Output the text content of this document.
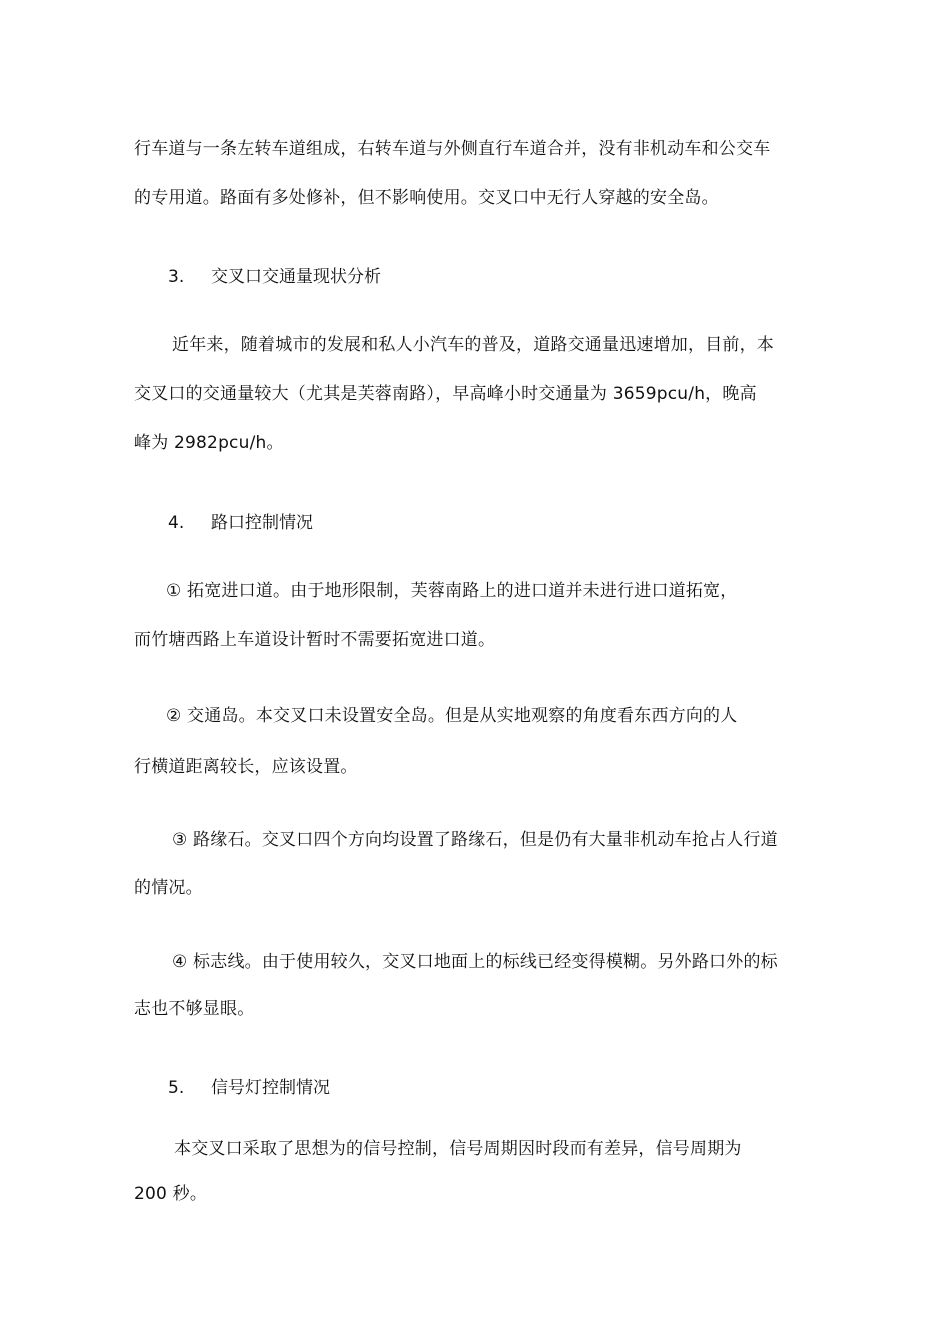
行车道与一条左转车道组成，右转车道与外侧直行车道合并，没有非机动车和公交车
的专用道。路面有多处修补，但不影响使用。交叉口中无行人穿越的安全岛。
3. 交叉口交通量现状分析
近年来，随着城市的发展和私人小汽车的普及，道路交通量迅速增加，目前，本
交叉口的交通量较大（尤其是芙蓉南路），早高峰小时交通量为 3659pcu/h，晚高
峰为 2982pcu/h。
4. 路口控制情况
① 拓宽进口道。由于地形限制，芙蓉南路上的进口道并未进行进口道拓宽，
而竹塘西路上车道设计暂时不需要拓宽进口道。
② 交通岛。本交叉口未设置安全岛。但是从实地观察的角度看东西方向的人
行横道距离较长，应该设置。
③ 路缘石。交叉口四个方向均设置了路缘石，但是仍有大量非机动车抢占人行道
的情况。
④ 标志线。由于使用较久，交叉口地面上的标线已经变得模糊。另外路口外的标
志也不够显眼。
5. 信号灯控制情况
本交叉口采取了思想为的信号控制，信号周期因时段而有差异，信号周期为
200 秒。
